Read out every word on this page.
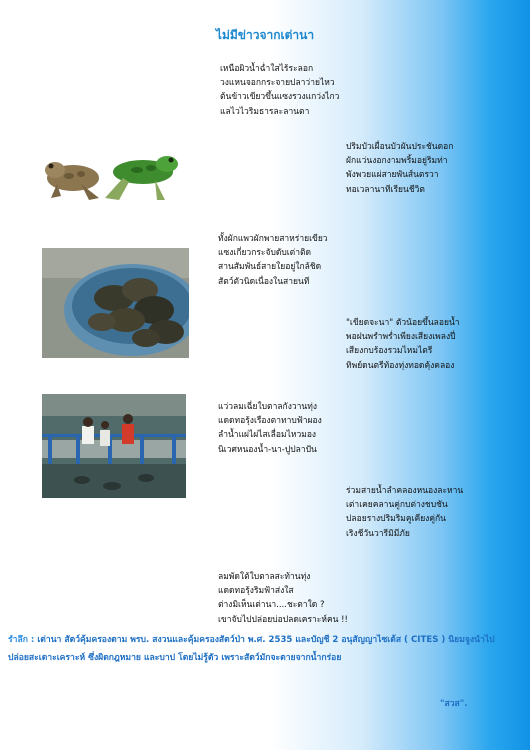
ไม่มีข่าวจากเต่านา
เหนือผิวน้ำฉ่ำใสไร้ระลอก
วงแหนจอกกระจายปลาว่ายไหว
ต้นข้าวเขียวขึ้นแซงรวงแกว่งไกว
แลไวไวริมธารละลานตา
ปริมบัวเผื่อนบัวผันประชันดอก
ผักแว่นงอกงามพริ้มอยู่ริมท่า
พังพวยแผ่สายพันส์นตรวา
ทอเวลานาทีเรียนชีวิต
ทั้งผักแพวผักพายสาหร่ายเขียว
แซงเกี่ยวกระจับดับเต่าติด
สานสัมพันธ์สายใยอยู่ใกล้ชิด
สัตว์ตัวนิดเนื่องในสายนที
"เขียดจะนา" ตัวน้อยขึ้นลอยน้ำ
พอฝนพรำพร่ำเพียงเสียงเพลงปี่
เสียงกบร้องรวมไหมไตรี
ทิพย์ดนตรีท้องทุ่งทอดคุ้งคลอง
แว่วลมเฉี่ยใบตาลกังวานทุ่ง
แดดทอรุ้งเรืองตาทาบฟ้าผอง
ลำน้ำแผ่ไผ่ไสเลื่อมไหวมอง
นิเวศหนองน้ำ-นา-ปูปลาปัน
ร่วมสายน้ำลำคลองหนองละหาน
เต่าเคยคลานคู่กบต่างชบชัน
ปลอยรางปริมริมคูเคียงคู่กัน
เริงชีวันวารีมิมีภัย
ลมพัดใต้ใบตาลสะท้านทุ่ง
แดดทอรุ้งริมฟ้าส่งใส
ต่างมิเห็นเต่านา....ชะตาใด ?
เขาจับไปปล่อยบ่อปลดเคราะห์คน !!
รำลึก : เต่านา สัตว์คุ้มครองตาม พรบ. สงวนและคุ้มครองสัตว์ป่า พ.ศ. 2535 และบัญชี 2 อนุสัญญาไซเต้ส ( CITES ) นิยมจูงนำไปปล่อยสะเดาะเคราะห์ ซึ่งผิดกฎหมาย และบาป โดยไม่รู้ตัว เพราะสัตว์มักจะตายจากน้ำกร่อย
"สวส".
